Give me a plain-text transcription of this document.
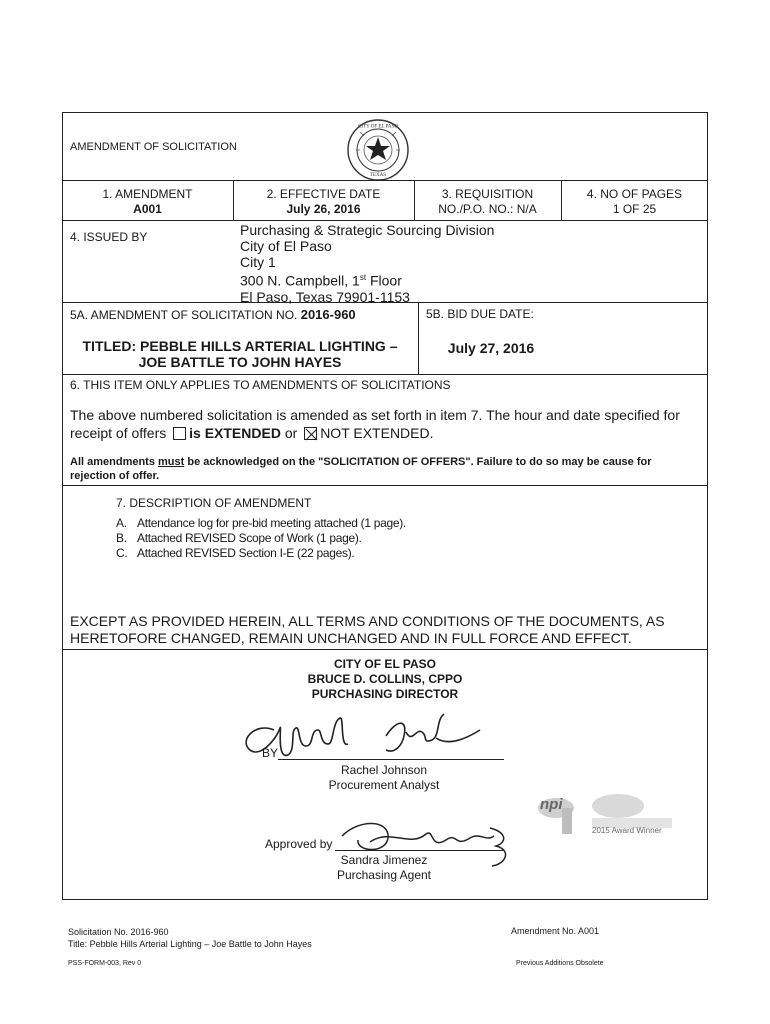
AMENDMENT OF SOLICITATION
CITY OF EL PASO
TEXAS
1. AMENDMENT
A001
2. EFFECTIVE DATE
July 26, 2016
3. REQUISITION
NO./P.O. NO.: N/A
4. NO OF PAGES
1 OF 25
4. ISSUED BY	Purchasing & Strategic Sourcing Division
City of El Paso
City 1
300 N. Campbell, 1st Floor
El Paso, Texas 79901-1153
5A. AMENDMENT OF SOLICITATION NO. 2016-960
TITLED: PEBBLE HILLS ARTERIAL LIGHTING –
JOE BATTLE TO JOHN HAYES
5B. BID DUE DATE:
July 27, 2016
6. THIS ITEM ONLY APPLIES TO AMENDMENTS OF SOLICITATIONS
The above numbered solicitation is amended as set forth in item 7. The hour and date specified for
receipt of offers is EXTENDED or NOT EXTENDED.
All amendments must be acknowledged on the "SOLICITATION OF OFFERS". Failure to do so may be cause for
rejection of offer.
7. DESCRIPTION OF AMENDMENT
A. Attendance log for pre-bid meeting attached (1 page).
B. Attached REVISED Scope of Work (1 page).
C. Attached REVISED Section I-E (22 pages).
EXCEPT AS PROVIDED HEREIN, ALL TERMS AND CONDITIONS OF THE DOCUMENTS, AS
HERETOFORE CHANGED, REMAIN UNCHANGED AND IN FULL FORCE AND EFFECT.
CITY OF EL PASO
BRUCE D. COLLINS, CPPO
PURCHASING DIRECTOR
BY
Rachel Johnson
Procurement Analyst
npi
2015 Award Winner
Approved by
Sandra Jimenez
Purchasing Agent
Solicitation No. 2016-960
Title: Pebble Hills Arterial Lighting – Joe Battle to John Hayes
Amendment No. A001
PSS-FORM-003, Rev 0	Previous Additions Obsolete
